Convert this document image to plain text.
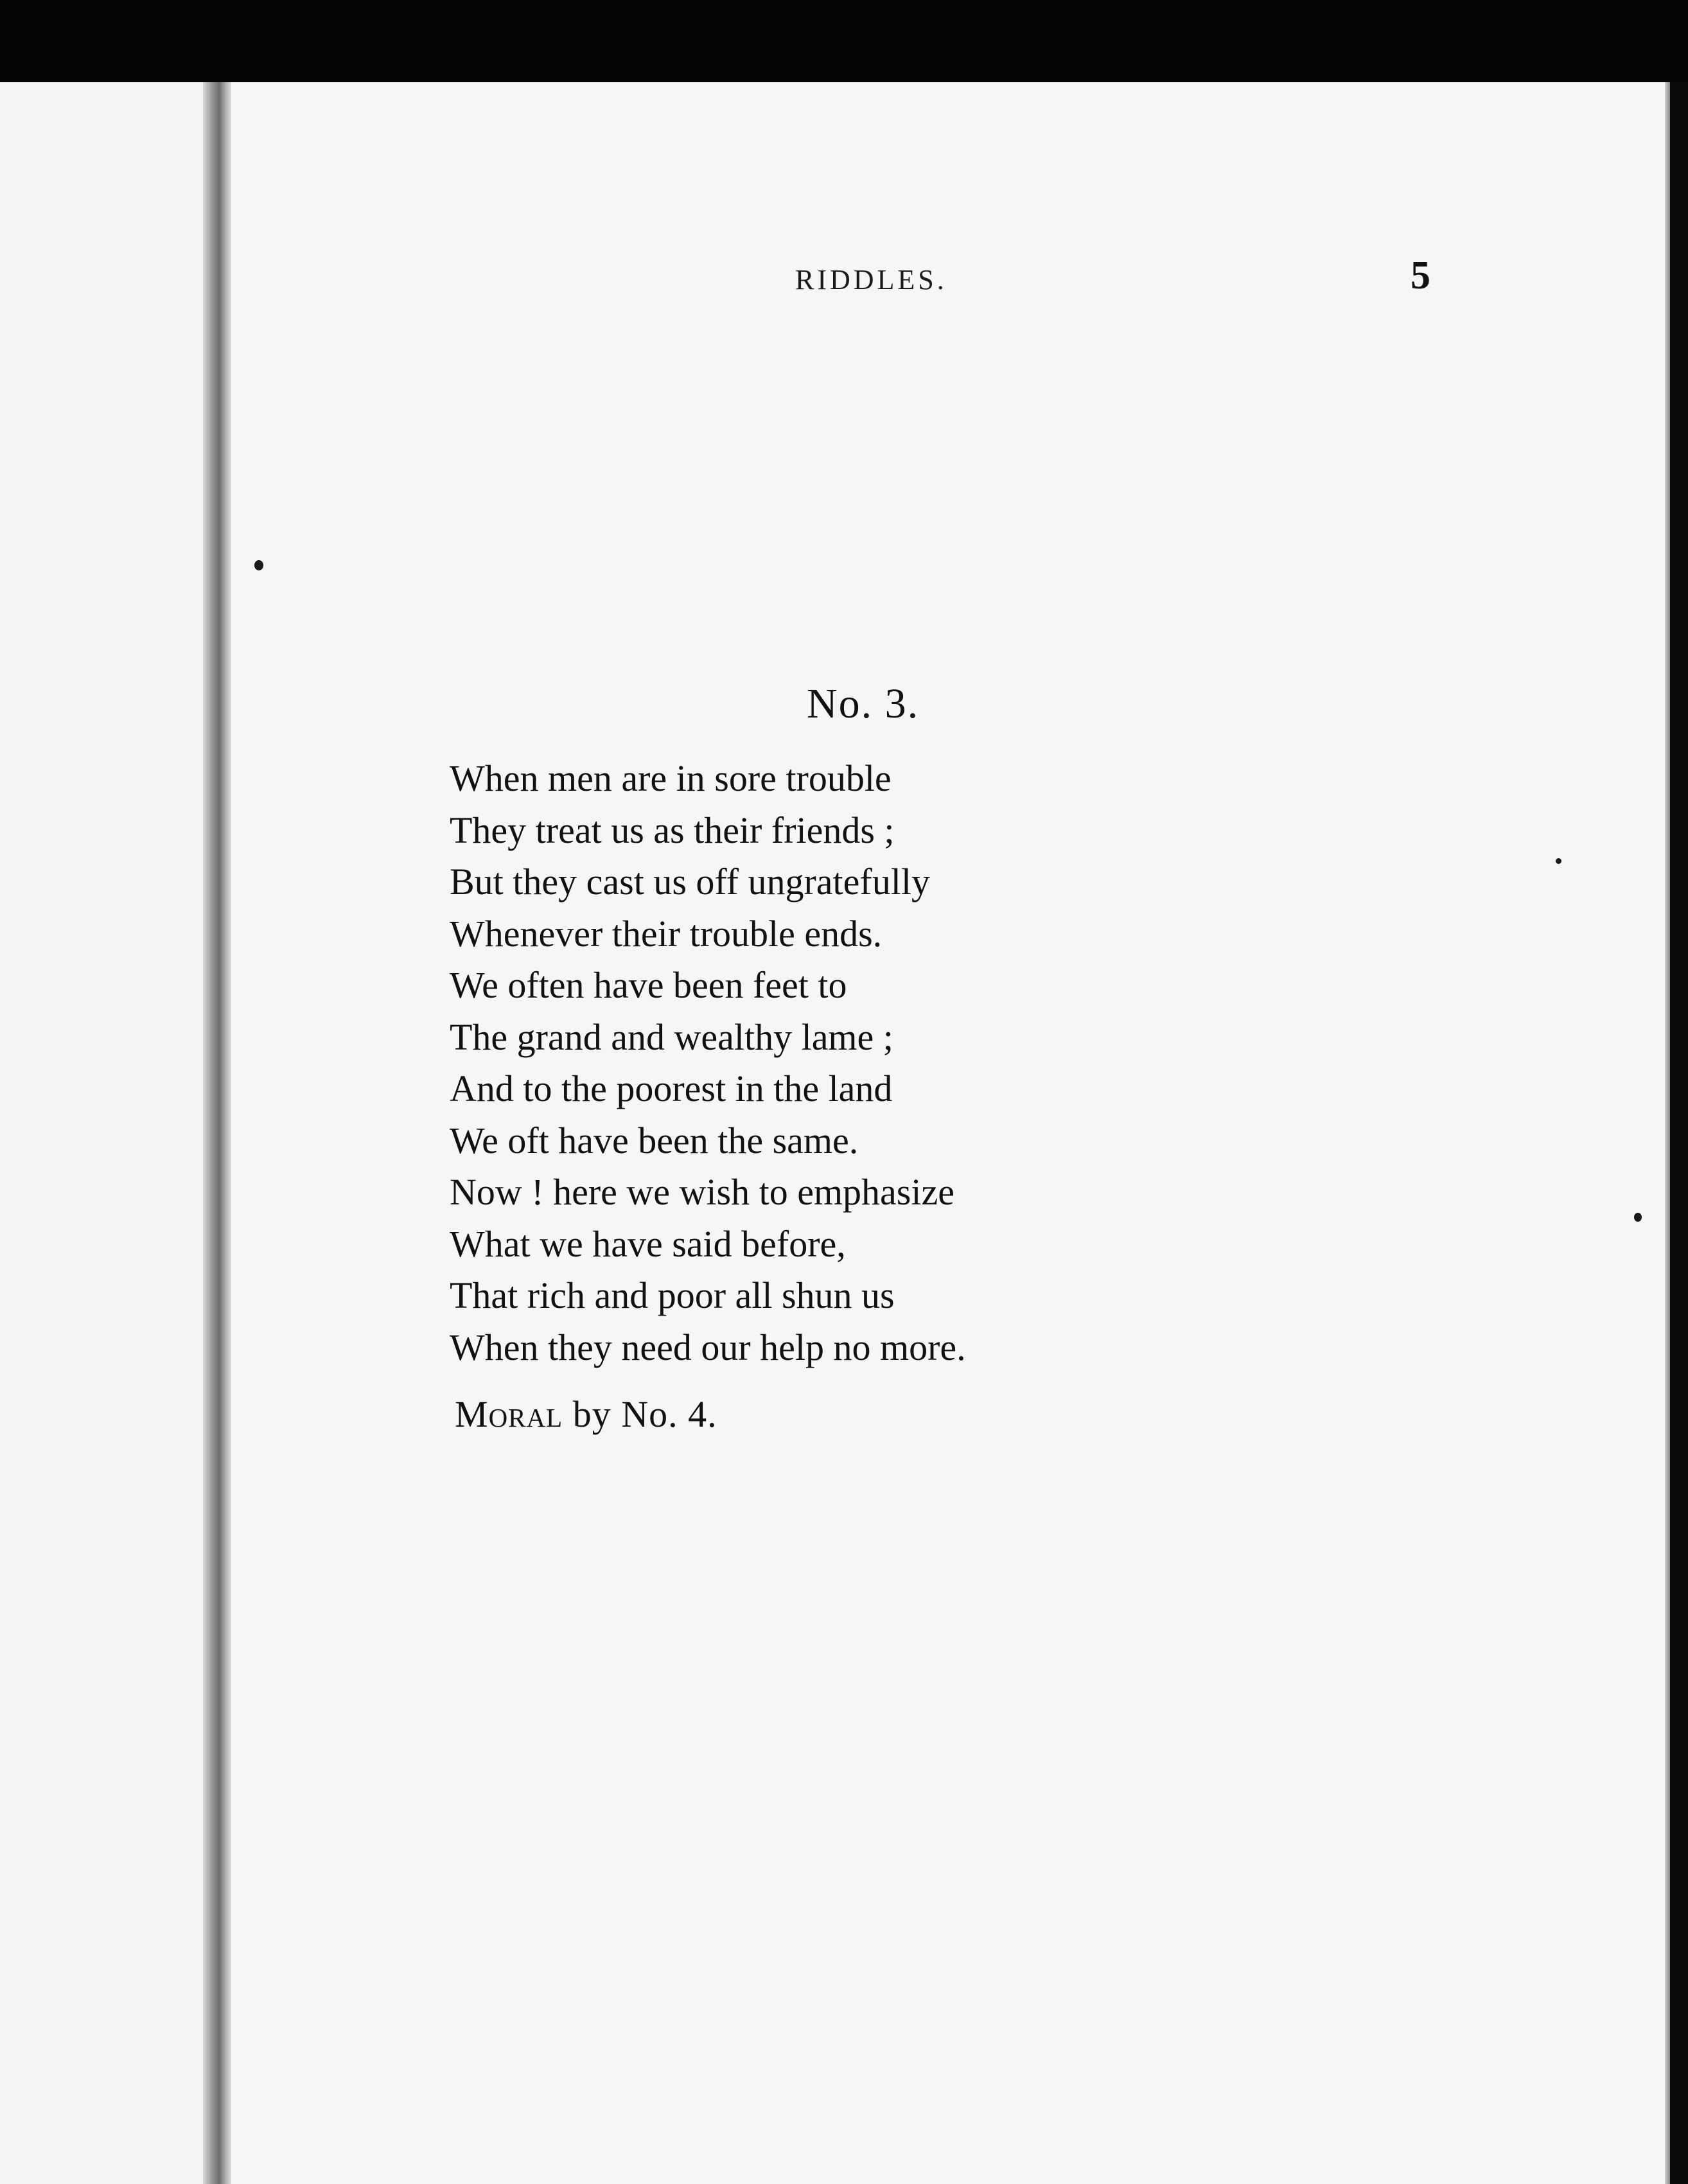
RIDDLES.	5
No. 3.
When men are in sore trouble
They treat us as their friends ;
But they cast us off ungratefully
Whenever their trouble ends.
We often have been feet to
The grand and wealthy lame ;
And to the poorest in the land
We oft have been the same.
Now ! here we wish to emphasize
What we have said before,
That rich and poor all shun us
When they need our help no more.
Moral by No. 4.
